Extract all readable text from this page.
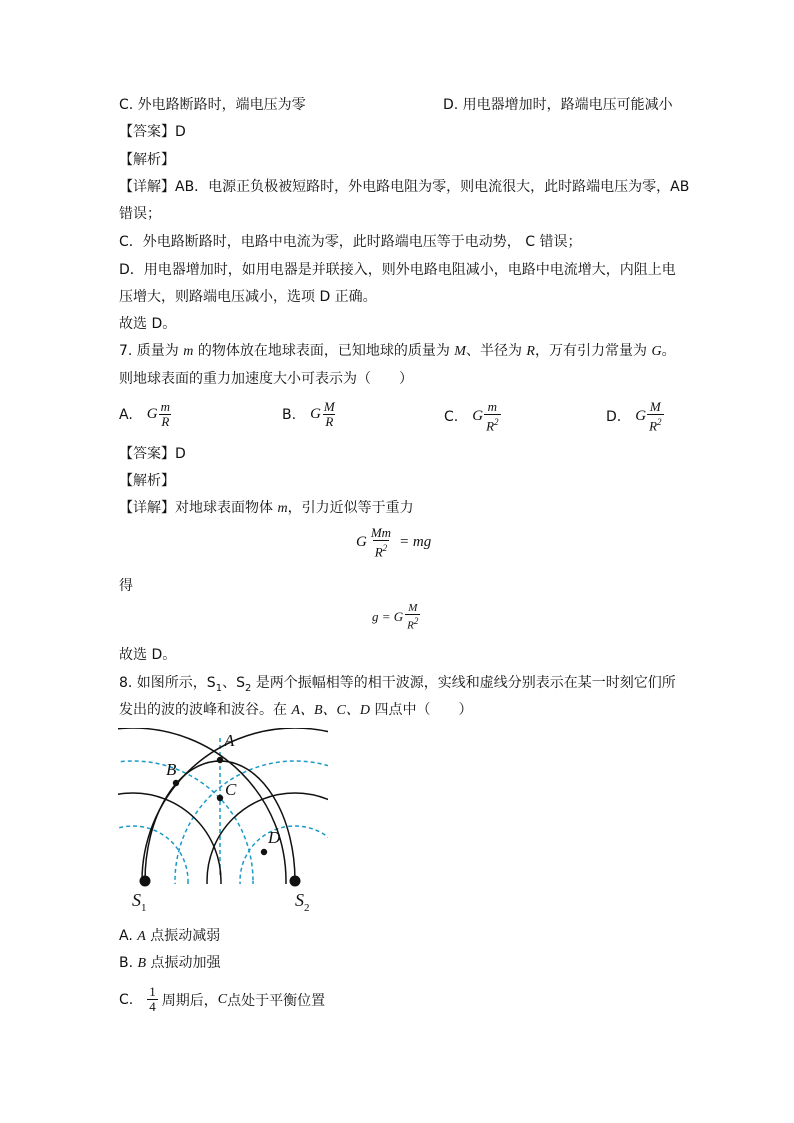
C. 外电路断路时，端电压为零	D. 用电器增加时，路端电压可能减小
【答案】D
【解析】
【详解】AB．电源正负极被短路时，外电路电阻为零，则电流很大，此时路端电压为零，AB
错误；
C．外电路断路时，电路中电流为零，此时路端电压等于电动势， C 错误；
D．用电器增加时，如用电器是并联接入，则外电路电阻减小，电路中电流增大，内阻上电
压增大，则路端电压减小，选项 D 正确。
故选 D。
7. 质量为 m 的物体放在地球表面，已知地球的质量为 M、半径为 R，万有引力常量为 G。
则地球表面的重力加速度大小可表示为（　　）
A. G $\frac{m}{R}$	B. G $\frac{M}{R}$	C. G $\frac{m}{R^2}$	D. G $\frac{M}{R^2}$
【答案】D
【解析】
【详解】对地球表面物体 m，引力近似等于重力
G $\frac{Mm}{R^2}$ = mg
得
g = G $\frac{M}{R^2}$
故选 D。
8. 如图所示，$S_1$、$S_2$ 是两个振幅相等的相干波源，实线和虚线分别表示在某一时刻它们所
发出的波的波峰和波谷。在 A、B、C、D 四点中（　　）
A
B
C
D
$S_1$	$S_2$
A. A 点振动减弱
B. B 点振动加强
C. $\frac{1}{4}$ 周期后， C 点处于平衡位置
